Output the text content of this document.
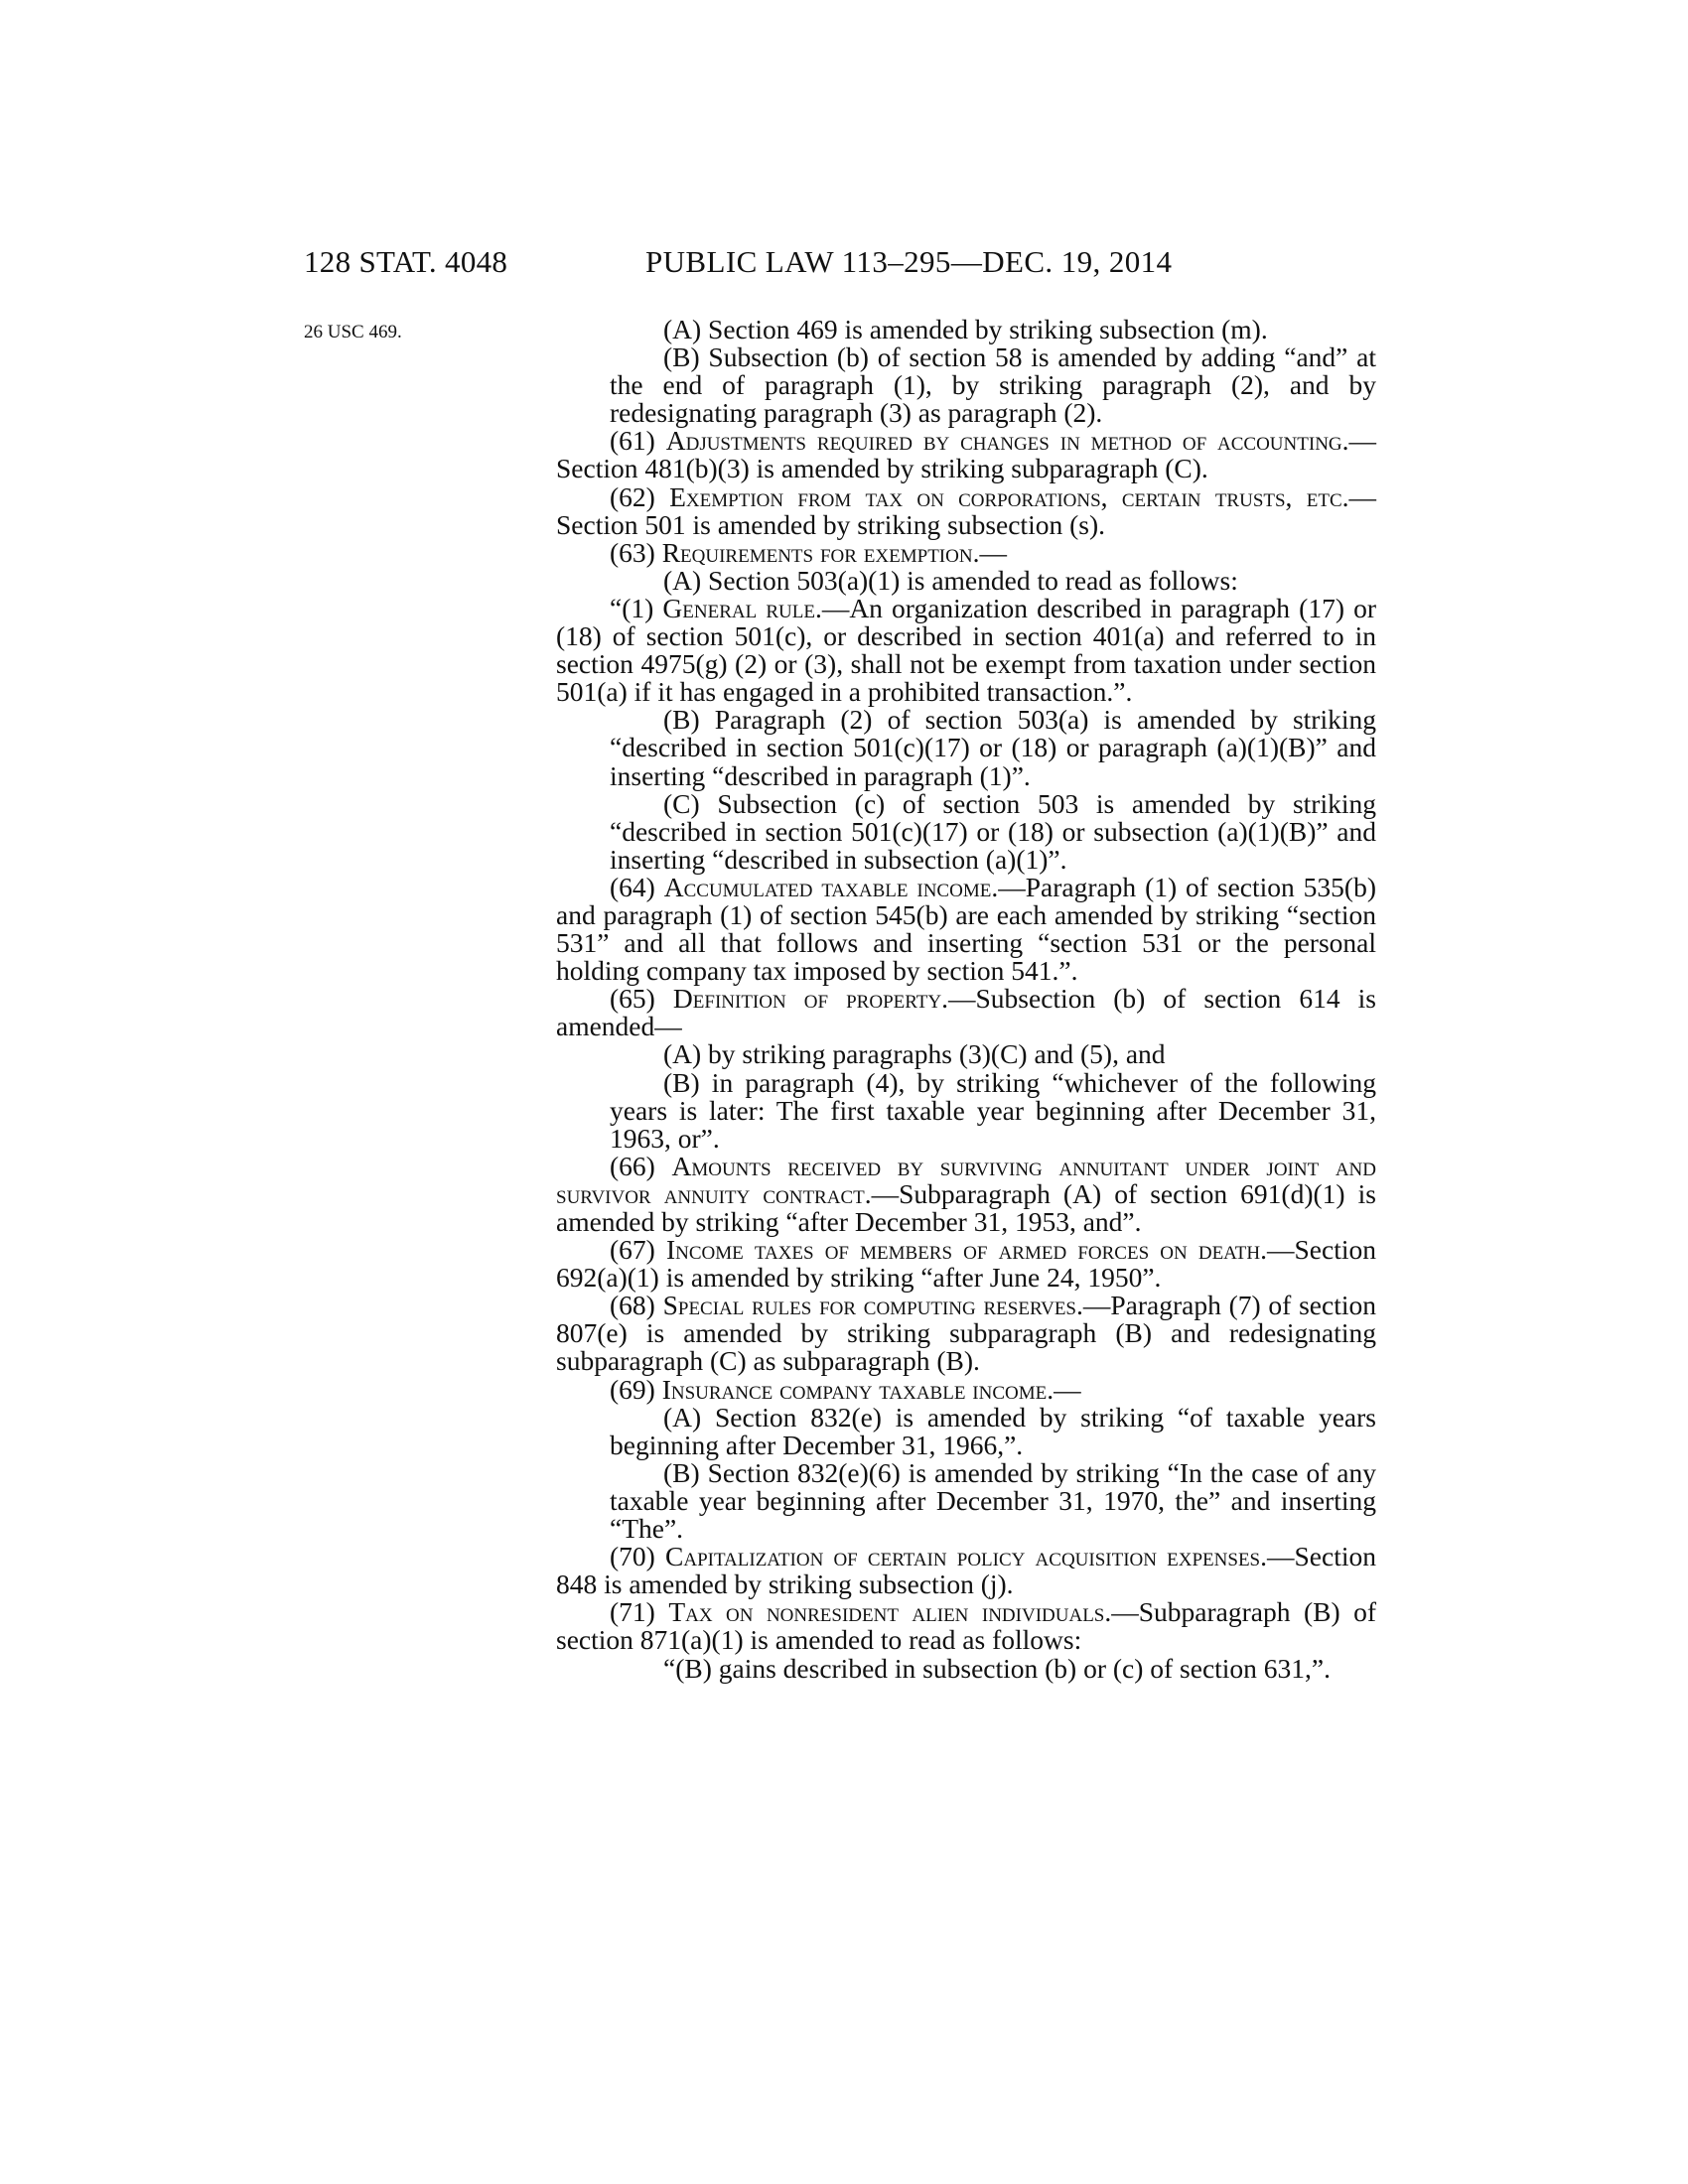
128 STAT. 4048	PUBLIC LAW 113–295—DEC. 19, 2014
26 USC 469.	(A) Section 469 is amended by striking subsection (m).

(B) Subsection (b) of section 58 is amended by adding “and” at the end of paragraph (1), by striking paragraph (2), and by redesignating paragraph (3) as paragraph (2).

(61) Adjustments required by changes in method of accounting.—Section 481(b)(3) is amended by striking subparagraph (C).

(62) Exemption from tax on corporations, certain trusts, etc.—Section 501 is amended by striking subsection (s).

(63) Requirements for exemption.—

(A) Section 503(a)(1) is amended to read as follows:

“(1) General rule.—An organization described in paragraph (17) or (18) of section 501(c), or described in section 401(a) and referred to in section 4975(g) (2) or (3), shall not be exempt from taxation under section 501(a) if it has engaged in a prohibited transaction.”.

(B) Paragraph (2) of section 503(a) is amended by striking “described in section 501(c)(17) or (18) or paragraph (a)(1)(B)” and inserting “described in paragraph (1)”.

(C) Subsection (c) of section 503 is amended by striking “described in section 501(c)(17) or (18) or subsection (a)(1)(B)” and inserting “described in subsection (a)(1)”.

(64) Accumulated taxable income.—Paragraph (1) of section 535(b) and paragraph (1) of section 545(b) are each amended by striking “section 531” and all that follows and inserting “section 531 or the personal holding company tax imposed by section 541.”.

(65) Definition of property.—Subsection (b) of section 614 is amended—

(A) by striking paragraphs (3)(C) and (5), and

(B) in paragraph (4), by striking “whichever of the following years is later: The first taxable year beginning after December 31, 1963, or”.

(66) Amounts received by surviving annuitant under joint and survivor annuity contract.—Subparagraph (A) of section 691(d)(1) is amended by striking “after December 31, 1953, and”.

(67) Income taxes of members of armed forces on death.—Section 692(a)(1) is amended by striking “after June 24, 1950”.

(68) Special rules for computing reserves.—Paragraph (7) of section 807(e) is amended by striking subparagraph (B) and redesignating subparagraph (C) as subparagraph (B).

(69) Insurance company taxable income.—

(A) Section 832(e) is amended by striking “of taxable years beginning after December 31, 1966,”.

(B) Section 832(e)(6) is amended by striking “In the case of any taxable year beginning after December 31, 1970, the” and inserting “The”.

(70) Capitalization of certain policy acquisition expenses.—Section 848 is amended by striking subsection (j).

(71) Tax on nonresident alien individuals.—Subparagraph (B) of section 871(a)(1) is amended to read as follows:

“(B) gains described in subsection (b) or (c) of section 631,”.
